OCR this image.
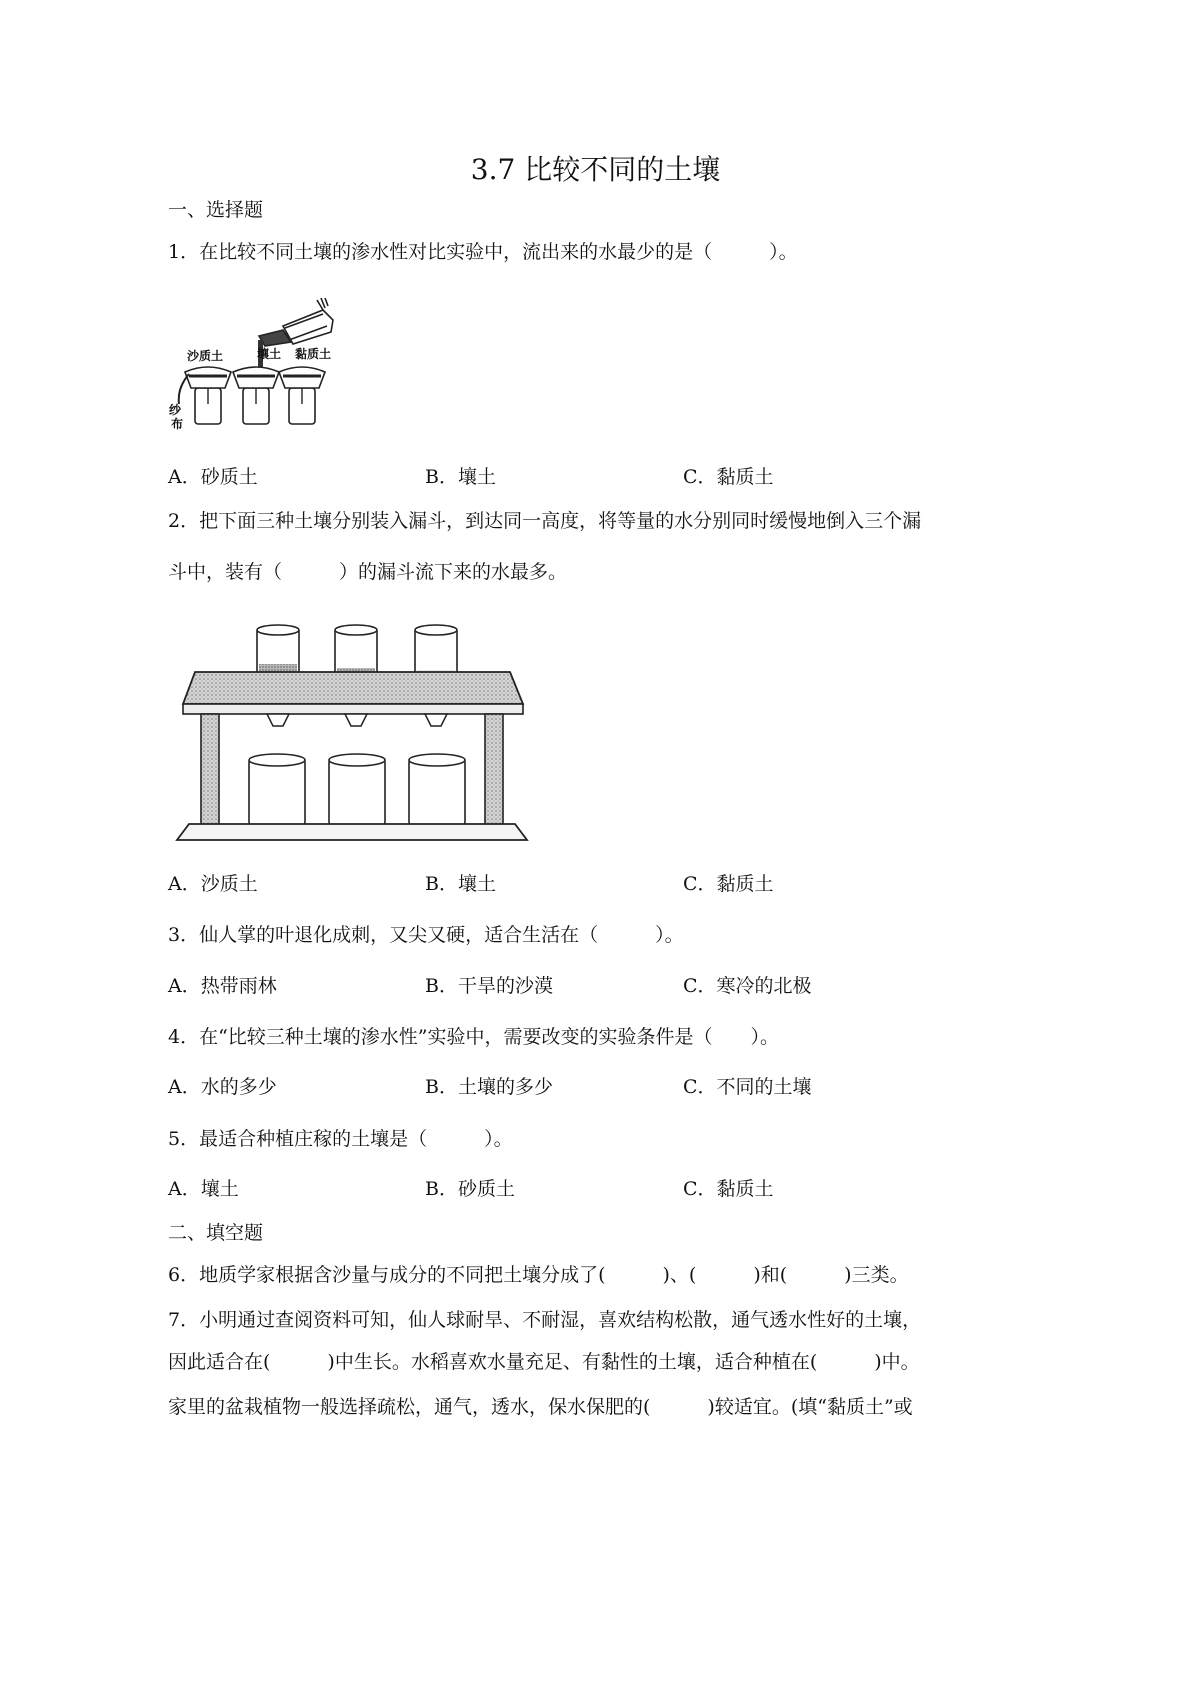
3.7 比较不同的土壤
一、选择题
1．在比较不同土壤的渗水性对比实验中，流出来的水最少的是（　　　）。
沙质土	壤土 黏质土
纱
布
A．砂质土	B．壤土	C．黏质土
2．把下面三种土壤分别装入漏斗，到达同一高度，将等量的水分别同时缓慢地倒入三个漏
斗中，装有（　　　）的漏斗流下来的水最多。
A．沙质土	B．壤土	C．黏质土
3．仙人掌的叶退化成刺，又尖又硬，适合生活在（　　　）。
A．热带雨林	B．干旱的沙漠	C．寒冷的北极
4．在“比较三种土壤的渗水性”实验中，需要改变的实验条件是（　　）。
A．水的多少	B．土壤的多少	C．不同的土壤
5．最适合种植庄稼的土壤是（　　　）。
A．壤土	B．砂质土	C．黏质土
二、填空题
6．地质学家根据含沙量与成分的不同把土壤分成了(　　　)、(　　　)和(　　　)三类。
7．小明通过查阅资料可知，仙人球耐旱、不耐湿，喜欢结构松散，通气透水性好的土壤，
因此适合在(　　　)中生长。水稻喜欢水量充足、有黏性的土壤，适合种植在(　　　)中。
家里的盆栽植物一般选择疏松，通气，透水，保水保肥的(　　　)较适宜。(填“黏质土”或
